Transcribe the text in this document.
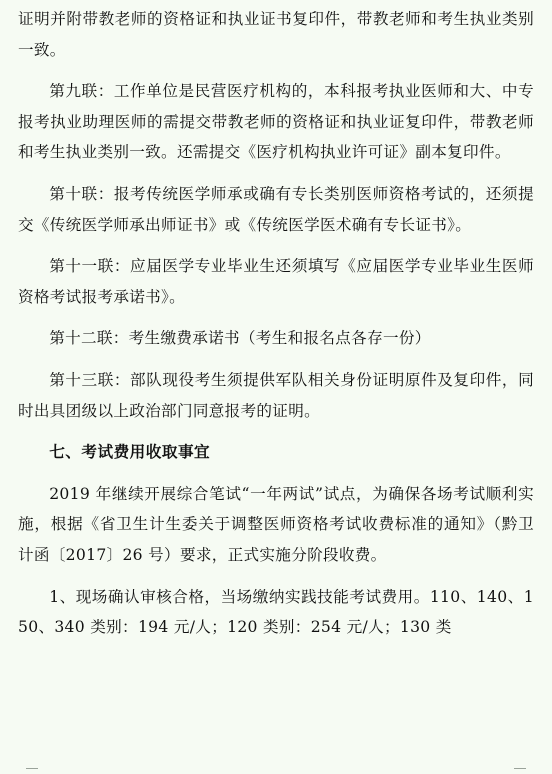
证明并附带教老师的资格证和执业证书复印件，带教老师和考生执业类别一致。

第九联：工作单位是民营医疗机构的，本科报考执业医师和大、中专报考执业助理医师的需提交带教老师的资格证和执业证复印件，带教老师和考生执业类别一致。还需提交《医疗机构执业许可证》副本复印件。

第十联：报考传统医学师承或确有专长类别医师资格考试的，还须提交《传统医学师承出师证书》或《传统医学医术确有专长证书》。

第十一联：应届医学专业毕业生还须填写《应届医学专业毕业生医师资格考试报考承诺书》。

第十二联：考生缴费承诺书（考生和报名点各存一份）

第十三联：部队现役考生须提供军队相关身份证明原件及复印件，同时出具团级以上政治部门同意报考的证明。

七、考试费用收取事宜

2019 年继续开展综合笔试“一年两试”试点，为确保各场考试顺利实施，根据《省卫生计生委关于调整医师资格考试收费标准的通知》（黔卫计函〔2017〕26 号）要求，正式实施分阶段收费。

1、现场确认审核合格，当场缴纳实践技能考试费用。110、140、150、340 类别：194 元/人；120 类别：254 元/人；130 类
